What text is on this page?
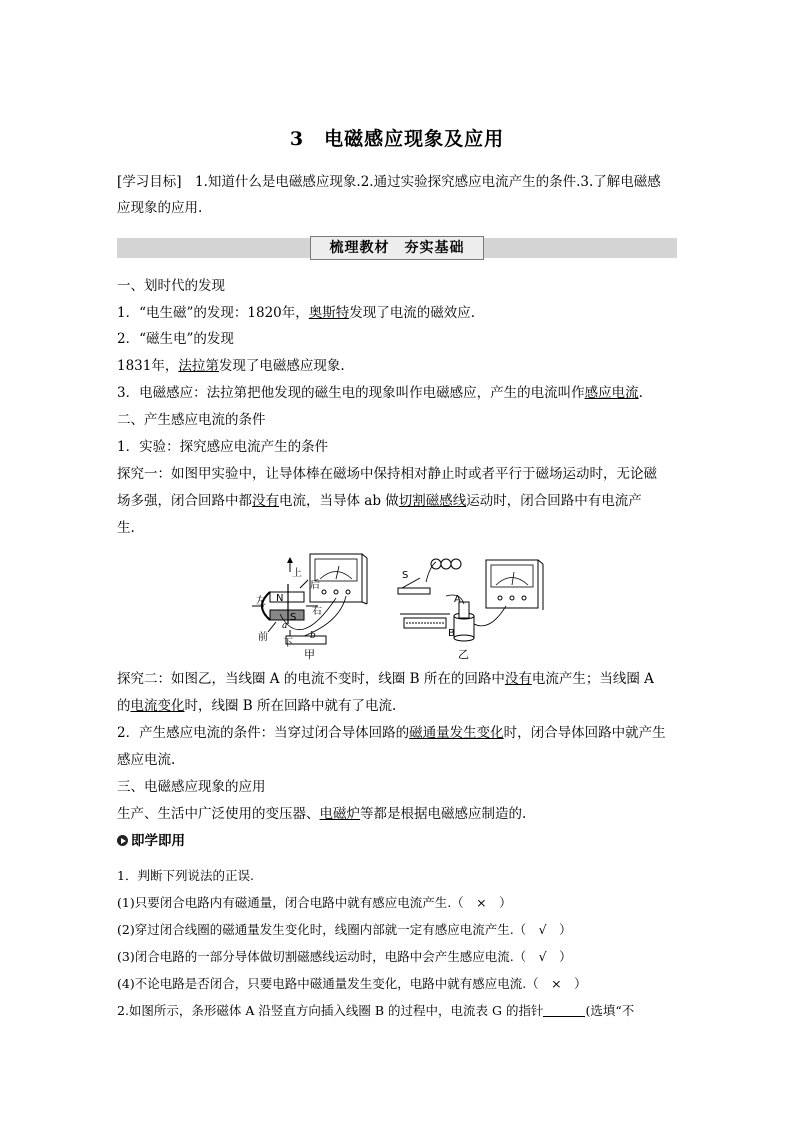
3　电磁感应现象及应用
[学习目标]　1.知道什么是电磁感应现象.2.通过实验探究感应电流产生的条件.3.了解电磁感
应现象的应用.
梳理教材　夯实基础
一、划时代的发现
1．“电生磁”的发现：1820年，奥斯特发现了电流的磁效应.
2．“磁生电”的发现
1831年，法拉第发现了电磁感应现象.
3．电磁感应：法拉第把他发现的磁生电的现象叫作电磁感应，产生的电流叫作感应电流.
二、产生感应电流的条件
1．实验：探究感应电流产生的条件
探究一：如图甲实验中，让导体棒在磁场中保持相对静止时或者平行于磁场运动时，无论磁
场多强，闭合回路中都没有电流，当导体 ab 做切割磁感线运动时，闭合回路中有电流产
生.
上
后
左
右
前
下
N
S
a
b
甲
S
A
B
乙
探究二：如图乙，当线圈 A 的电流不变时，线圈 B 所在的回路中没有电流产生；当线圈 A
的电流变化时，线圈 B 所在回路中就有了电流.
2．产生感应电流的条件：当穿过闭合导体回路的磁通量发生变化时，闭合导体回路中就产生
感应电流.
三、电磁感应现象的应用
生产、生活中广泛使用的变压器、电磁炉等都是根据电磁感应制造的.
即学即用
1．判断下列说法的正误.
(1)只要闭合电路内有磁通量，闭合电路中就有感应电流产生.（　×　）
(2)穿过闭合线圈的磁通量发生变化时，线圈内部就一定有感应电流产生.（　√　）
(3)闭合电路的一部分导体做切割磁感线运动时，电路中会产生感应电流.（　√　）
(4)不论电路是否闭合，只要电路中磁通量发生变化，电路中就有感应电流.（　×　）
2.如图所示，条形磁体 A 沿竖直方向插入线圈 B 的过程中，电流表 G 的指针	(选填“不
